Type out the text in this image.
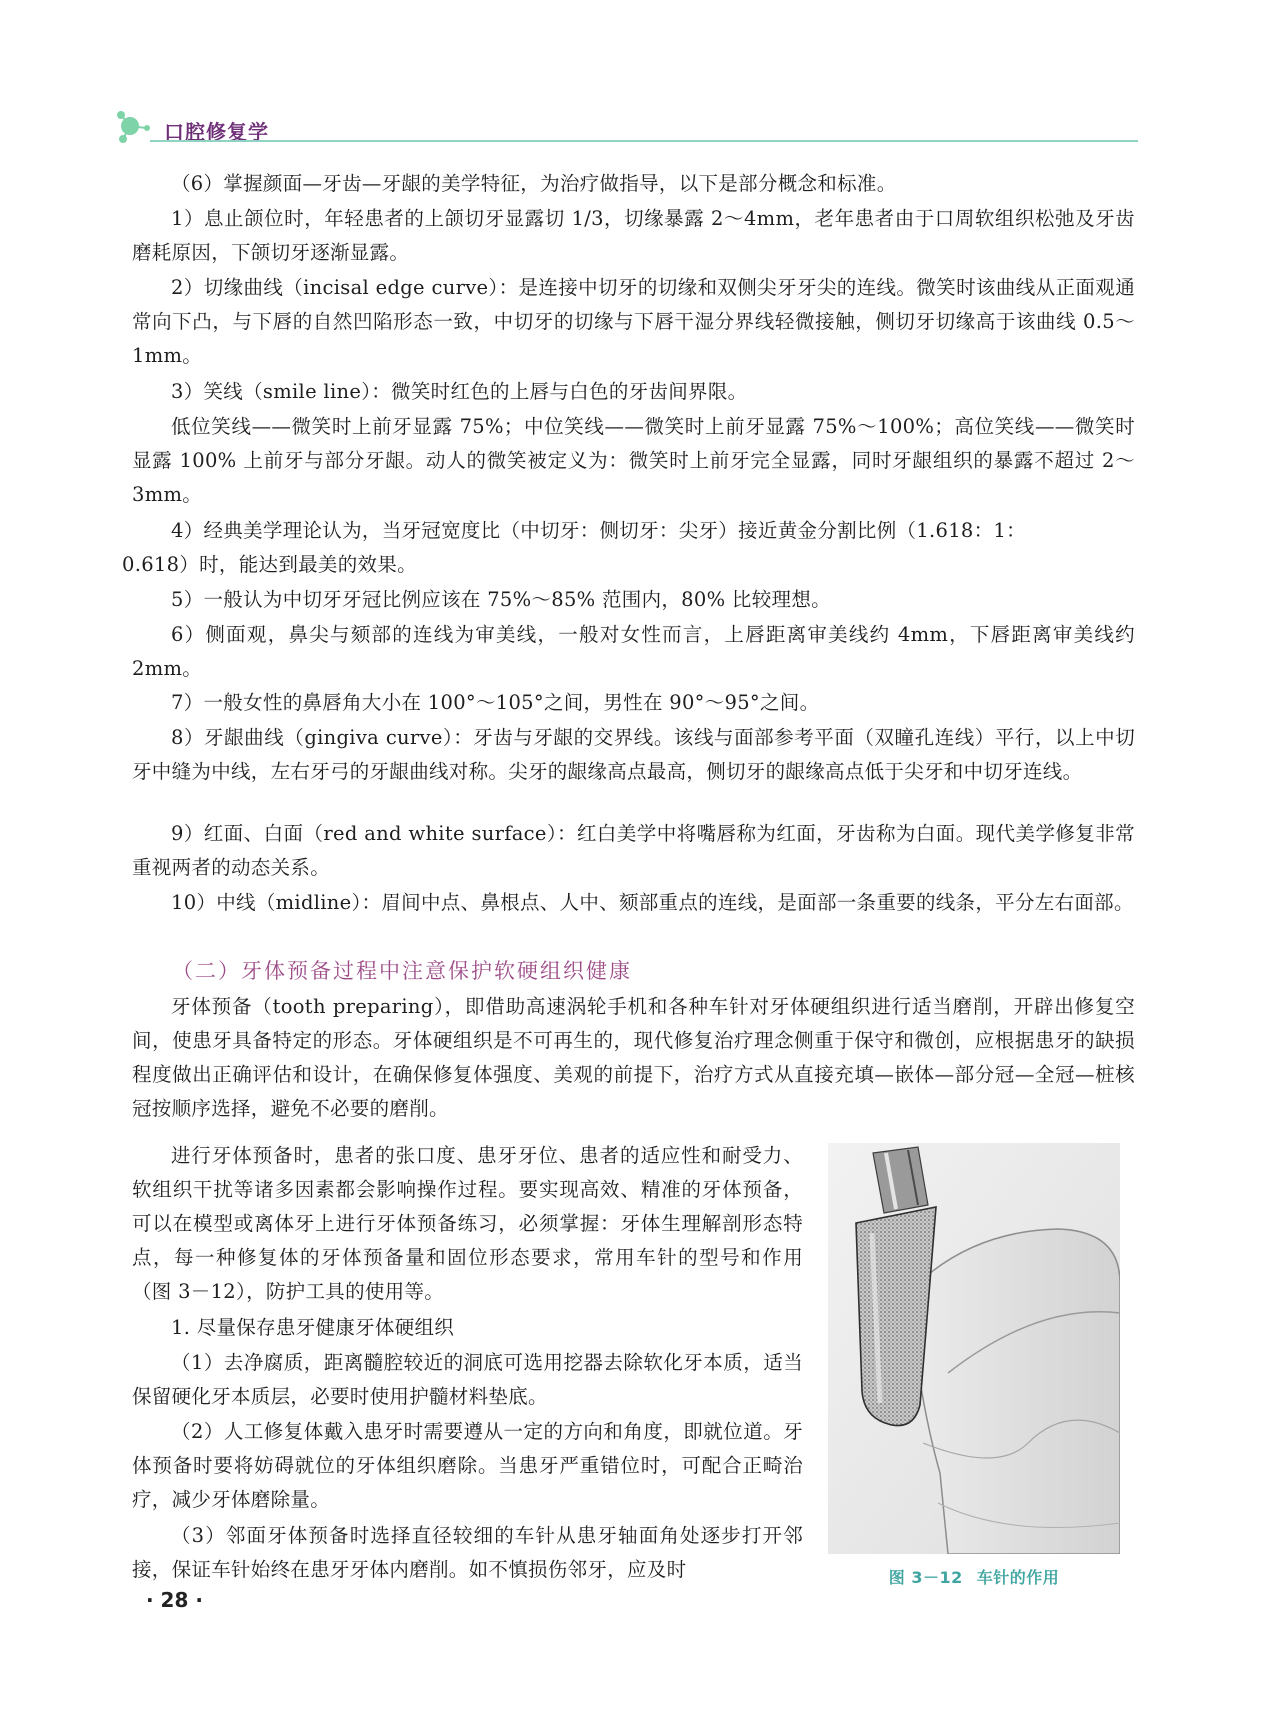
口腔修复学

（6）掌握颜面—牙齿—牙龈的美学特征，为治疗做指导，以下是部分概念和标准。

1）息止颌位时，年轻患者的上颌切牙显露切 1/3，切缘暴露 2～4mm，老年患者由于口周软组织松弛及牙齿磨耗原因，下颌切牙逐渐显露。

2）切缘曲线（incisal edge curve）：是连接中切牙的切缘和双侧尖牙牙尖的连线。微笑时该曲线从正面观通常向下凸，与下唇的自然凹陷形态一致，中切牙的切缘与下唇干湿分界线轻微接触，侧切牙切缘高于该曲线 0.5～1mm。

3）笑线（smile line）：微笑时红色的上唇与白色的牙齿间界限。

低位笑线——微笑时上前牙显露 75%；中位笑线——微笑时上前牙显露 75%～100%；高位笑线——微笑时显露 100% 上前牙与部分牙龈。动人的微笑被定义为：微笑时上前牙完全显露，同时牙龈组织的暴露不超过 2～3mm。

4）经典美学理论认为，当牙冠宽度比（中切牙：侧切牙：尖牙）接近黄金分割比例（1.618：1：

0.618）时，能达到最美的效果。

5）一般认为中切牙牙冠比例应该在 75%～85% 范围内，80% 比较理想。

6）侧面观，鼻尖与颏部的连线为审美线，一般对女性而言，上唇距离审美线约 4mm，下唇距离审美线约 2mm。

7）一般女性的鼻唇角大小在 100°～105°之间，男性在 90°～95°之间。

8）牙龈曲线（gingiva curve）：牙齿与牙龈的交界线。该线与面部参考平面（双瞳孔连线）平行，以上中切牙中缝为中线，左右牙弓的牙龈曲线对称。尖牙的龈缘高点最高，侧切牙的龈缘高点低于尖牙和中切牙连线。

9）红面、白面（red and white surface）：红白美学中将嘴唇称为红面，牙齿称为白面。现代美学修复非常重视两者的动态关系。

10）中线（midline）：眉间中点、鼻根点、人中、颏部重点的连线，是面部一条重要的线条，平分左右面部。

（二）牙体预备过程中注意保护软硬组织健康

牙体预备（tooth preparing），即借助高速涡轮手机和各种车针对牙体硬组织进行适当磨削，开辟出修复空间，使患牙具备特定的形态。牙体硬组织是不可再生的，现代修复治疗理念侧重于保守和微创，应根据患牙的缺损程度做出正确评估和设计，在确保修复体强度、美观的前提下，治疗方式从直接充填—嵌体—部分冠—全冠—桩核冠按顺序选择，避免不必要的磨削。

进行牙体预备时，患者的张口度、患牙牙位、患者的适应性和耐受力、软组织干扰等诸多因素都会影响操作过程。要实现高效、精准的牙体预备，可以在模型或离体牙上进行牙体预备练习，必须掌握：牙体生理解剖形态特点，每一种修复体的牙体预备量和固位形态要求，常用车针的型号和作用（图 3－12），防护工具的使用等。

1. 尽量保存患牙健康牙体硬组织

（1）去净腐质，距离髓腔较近的洞底可选用挖器去除软化牙本质，适当保留硬化牙本质层，必要时使用护髓材料垫底。

（2）人工修复体戴入患牙时需要遵从一定的方向和角度，即就位道。牙体预备时要将妨碍就位的牙体组织磨除。当患牙严重错位时，可配合正畸治疗，减少牙体磨除量。

（3）邻面牙体预备时选择直径较细的车针从患牙轴面角处逐步打开邻接，保证车针始终在患牙牙体内磨削。如不慎损伤邻牙，应及时	图 3－12 车针的作用
· 28 ·
